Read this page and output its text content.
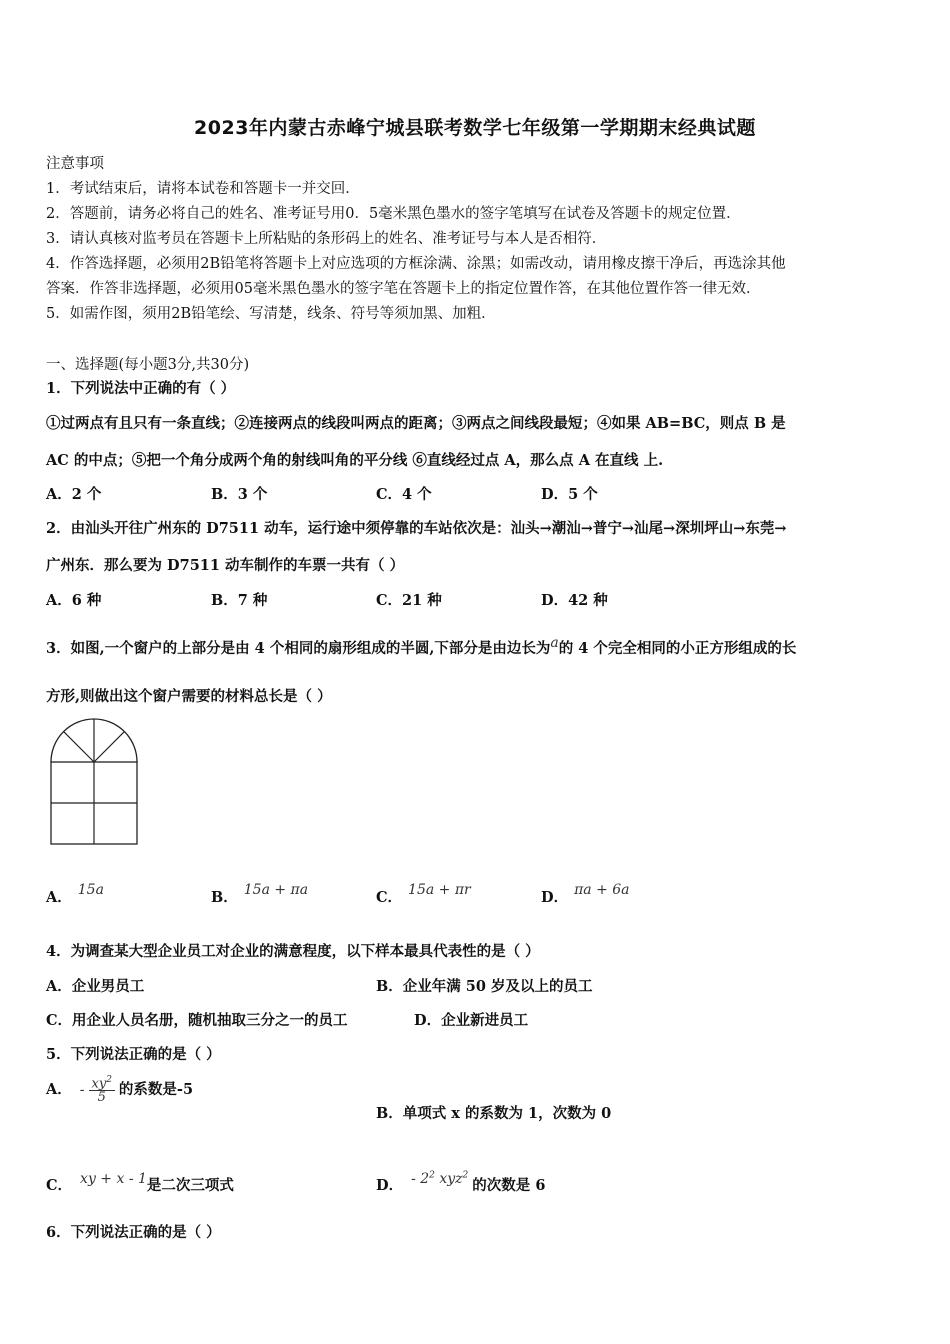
2023年内蒙古赤峰宁城县联考数学七年级第一学期期末经典试题
注意事项
1．考试结束后，请将本试卷和答题卡一并交回．
2．答题前，请务必将自己的姓名、准考证号用0．5毫米黑色墨水的签字笔填写在试卷及答题卡的规定位置．
3．请认真核对监考员在答题卡上所粘贴的条形码上的姓名、准考证号与本人是否相符．
4．作答选择题，必须用2B铅笔将答题卡上对应选项的方框涂满、涂黑；如需改动，请用橡皮擦干净后，再选涂其他
答案．作答非选择题，必须用05毫米黑色墨水的签字笔在答题卡上的指定位置作答，在其他位置作答一律无效．
5．如需作图，须用2B铅笔绘、写清楚，线条、符号等须加黑、加粗．
一、选择题(每小题3分,共30分)
1．下列说法中正确的有（ ）
①过两点有且只有一条直线；②连接两点的线段叫两点的距离；③两点之间线段最短；④如果 AB=BC，则点 B 是
AC 的中点；⑤把一个角分成两个角的射线叫角的平分线 ⑥直线经过点 A，那么点 A 在直线 上.
A．2 个	B．3 个	C．4 个	D．5 个
2．由汕头开往广州东的 D7511 动车，运行途中须停靠的车站依次是：汕头→潮汕→普宁→汕尾→深圳坪山→东莞→
广州东．那么要为 D7511 动车制作的车票一共有（ ）
A．6 种	B．7 种	C．21 种	D．42 种
3．如图,一个窗户的上部分是由 4 个相同的扇形组成的半圆,下部分是由边长为$^a$的 4 个完全相同的小正方形组成的长
方形,则做出这个窗户需要的材料总长是（ ）
A． 15a	B． 15a + πa	C． 15a + πr	D． πa + 6a
4．为调查某大型企业员工对企业的满意程度，以下样本最具代表性的是（ ）
A．企业男员工	B．企业年满 50 岁及以上的员工
C．用企业人员名册，随机抽取三分之一的员工	D．企业新进员工
5．下列说法正确的是（ ）
A． - $\frac{xy^2}{5}$ 的系数是-5
B．单项式 x 的系数为 1，次数为 0
C． xy + x - 1是二次三项式	D． - $2^2$ xyz$^2$的次数是 6
6．下列说法正确的是（ ）
